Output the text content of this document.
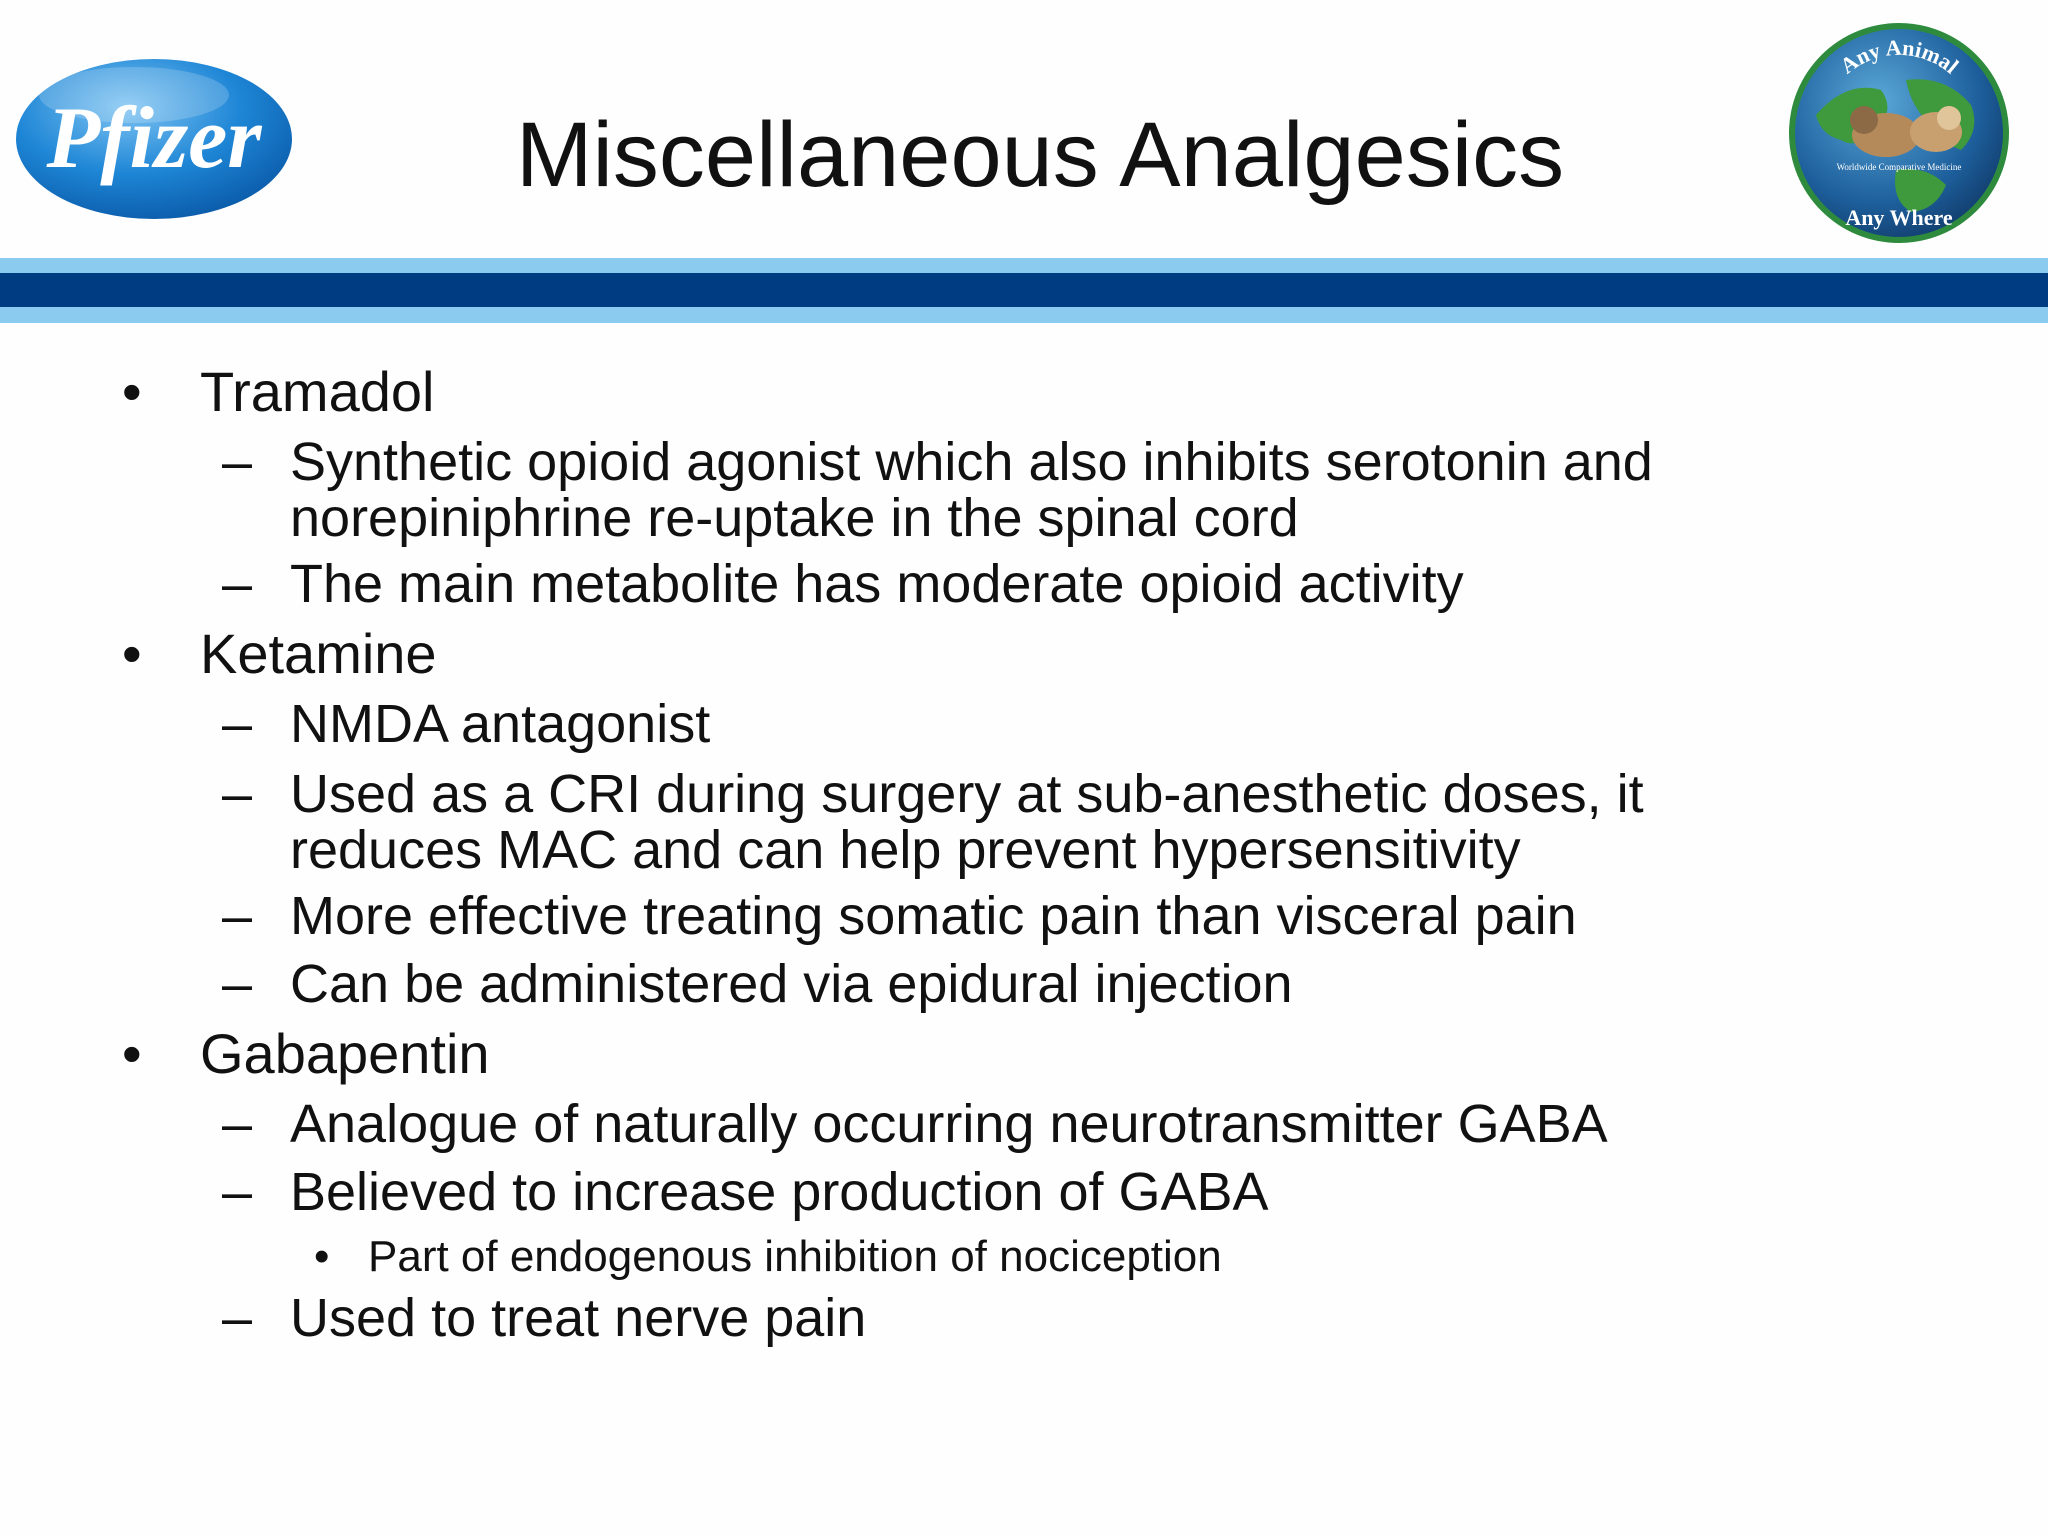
Pfizer
Any Animal
Worldwide Comparative Medicine
Any Where
Miscellaneous Analgesics
• Tramadol
– Synthetic opioid agonist which also inhibits serotonin and
norepiniphrine re-uptake in the spinal cord
– The main metabolite has moderate opioid activity
• Ketamine
– NMDA antagonist
– Used as a CRI during surgery at sub-anesthetic doses, it
reduces MAC and can help prevent hypersensitivity
– More effective treating somatic pain than visceral pain
– Can be administered via epidural injection
• Gabapentin
– Analogue of naturally occurring neurotransmitter GABA
– Believed to increase production of GABA
• Part of endogenous inhibition of nociception
– Used to treat nerve pain
